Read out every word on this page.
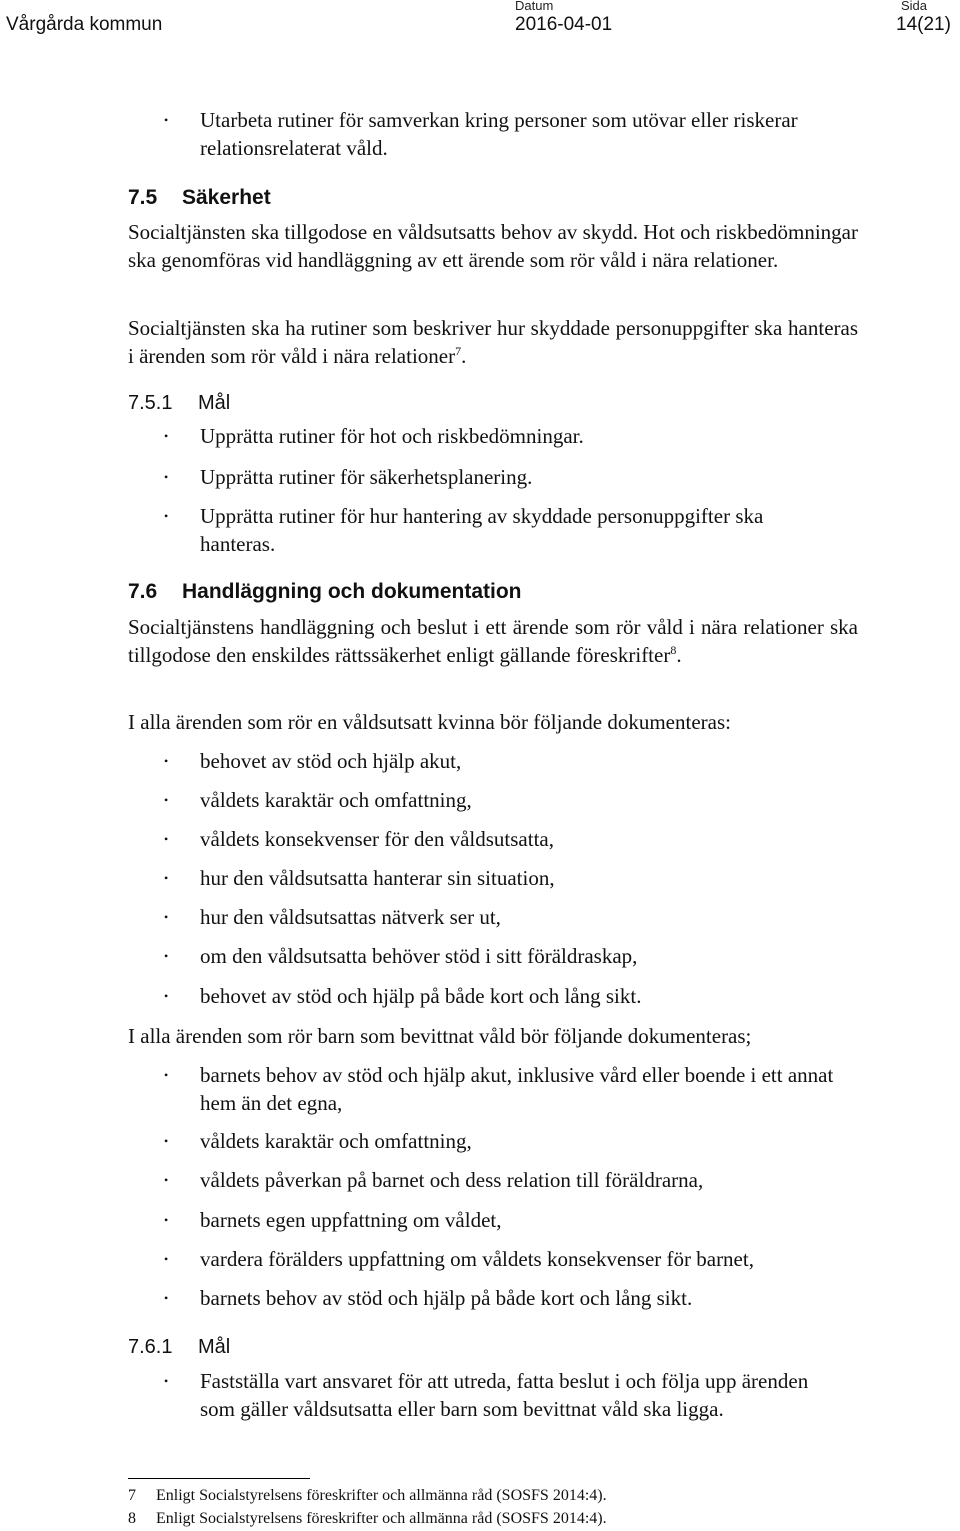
Vårgårda kommun
Datum
2016-04-01
Sida
14(21)
• Utarbeta rutiner för samverkan kring personer som utövar eller riskerar relationsrelaterat våld.
7.5 Säkerhet
Socialtjänsten ska tillgodose en våldsutsatts behov av skydd. Hot och riskbedömningar ska genomföras vid handläggning av ett ärende som rör våld i nära relationer.
Socialtjänsten ska ha rutiner som beskriver hur skyddade personuppgifter ska hanteras i ärenden som rör våld i nära relationer$^7$.
7.5.1 Mål
• Upprätta rutiner för hot och riskbedömningar.
• Upprätta rutiner för säkerhetsplanering.
• Upprätta rutiner för hur hantering av skyddade personuppgifter ska hanteras.
7.6 Handläggning och dokumentation
Socialtjänstens handläggning och beslut i ett ärende som rör våld i nära relationer ska tillgodose den enskildes rättssäkerhet enligt gällande föreskrifter$^8$.
I alla ärenden som rör en våldsutsatt kvinna bör följande dokumenteras:
• behovet av stöd och hjälp akut,
• våldets karaktär och omfattning,
• våldets konsekvenser för den våldsutsatta,
• hur den våldsutsatta hanterar sin situation,
• hur den våldsutsattas nätverk ser ut,
• om den våldsutsatta behöver stöd i sitt föräldraskap,
• behovet av stöd och hjälp på både kort och lång sikt.
I alla ärenden som rör barn som bevittnat våld bör följande dokumenteras;
• barnets behov av stöd och hjälp akut, inklusive vård eller boende i ett annat hem än det egna,
• våldets karaktär och omfattning,
• våldets påverkan på barnet och dess relation till föräldrarna,
• barnets egen uppfattning om våldet,
• vardera förälders uppfattning om våldets konsekvenser för barnet,
• barnets behov av stöd och hjälp på både kort och lång sikt.
7.6.1 Mål
• Fastställa vart ansvaret för att utreda, fatta beslut i och följa upp ärenden som gäller våldsutsatta eller barn som bevittnat våld ska ligga.
7 Enligt Socialstyrelsens föreskrifter och allmänna råd (SOSFS 2014:4).
8 Enligt Socialstyrelsens föreskrifter och allmänna råd (SOSFS 2014:4).
